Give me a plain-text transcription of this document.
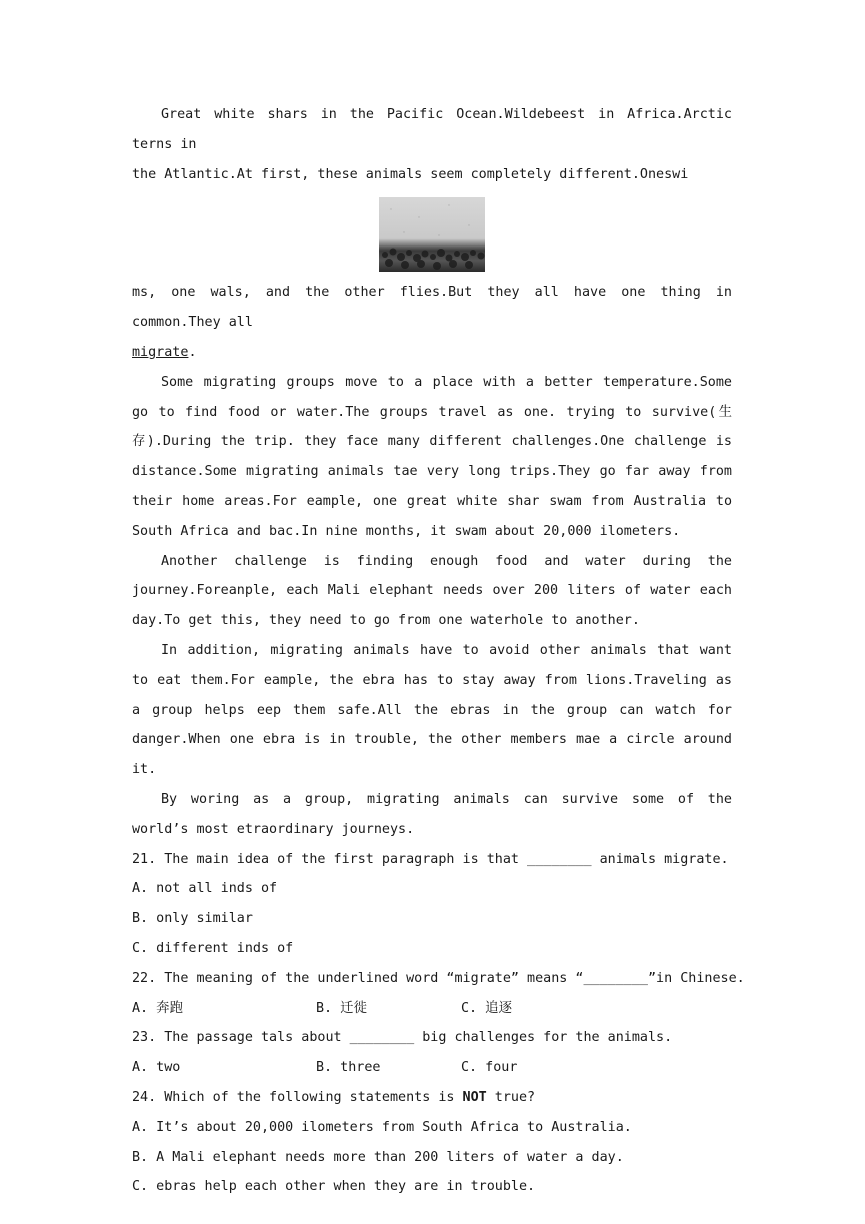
Great white shars in the Pacific Ocean.Wildebeest in Africa.Arctic terns in

the Atlantic.At first, these animals seem completely different.Oneswi

ms, one wals, and the other flies.But they all have one thing in common.They all

migrate.

Some migrating groups move to a place with a better temperature.Some go to find food or water.The groups travel as one. trying to survive(生存).During the trip. they face many different challenges.One challenge is distance.Some migrating animals tae very long trips.They go far away from their home areas.For eample, one great white shar swam from Australia to South Africa and bac.In nine months, it swam about 20,000 ilometers.

Another challenge is finding enough food and water during the journey.Foreanple, each Mali elephant needs over 200 liters of water each day.To get this, they need to go from one waterhole to another.

In addition, migrating animals have to avoid other animals that want to eat them.For eample, the ebra has to stay away from lions.Traveling as a group helps eep them safe.All the ebras in the group can watch for danger.When one ebra is in trouble, the other members mae a circle around it.

By woring as a group, migrating animals can survive some of the world’s most etraordinary journeys.

21. The main idea of the first paragraph is that ________ animals migrate.

A. not all inds of

B. only similar

C. different inds of

22. The meaning of the underlined word “migrate” means “________”in Chinese.

A. 奔跑	B. 迁徙	C. 追逐

23. The passage tals about ________ big challenges for the animals.

A. two	B. three	C. four

24. Which of the following statements is NOT true?

A. It’s about 20,000 ilometers from South Africa to Australia.

B. A Mali elephant needs more than 200 liters of water a day.

C. ebras help each other when they are in trouble.
